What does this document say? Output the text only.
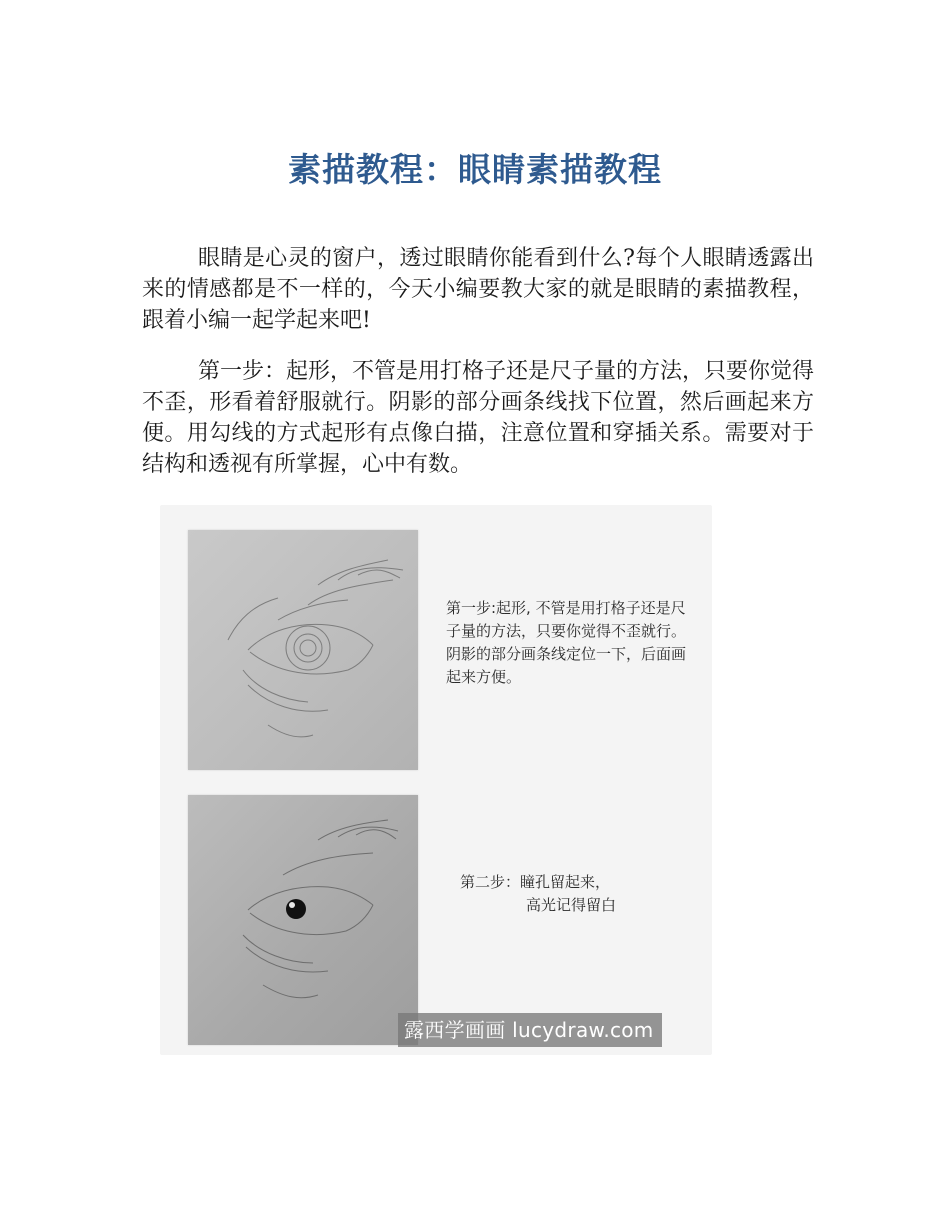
素描教程：眼睛素描教程

眼睛是心灵的窗户，透过眼睛你能看到什么?每个人眼睛透露出来的情感都是不一样的，今天小编要教大家的就是眼睛的素描教程，跟着小编一起学起来吧!

第一步：起形，不管是用打格子还是尺子量的方法，只要你觉得不歪，形看着舒服就行。阴影的部分画条线找下位置，然后画起来方便。用勾线的方式起形有点像白描，注意位置和穿插关系。需要对于结构和透视有所掌握，心中有数。

第一步:起形, 不管是用打格子还是尺子量的方法，只要你觉得不歪就行。阴影的部分画条线定位一下，后面画起来方便。
第二步：瞳孔留起来，
高光记得留白
露西学画画 lucydraw.com
